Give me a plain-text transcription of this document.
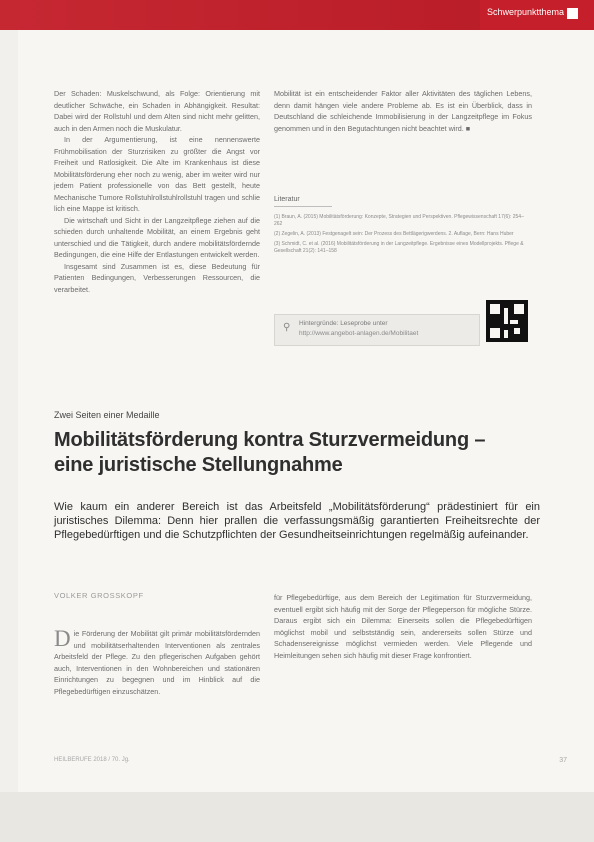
Schwerpunktthema

Der Schaden: Muskelschwund, als Folge: Orientierung mit deutlicher Schwäche, ein Schaden in Abhängigkeit. Resultat: Dabei wird der Rollstuhl und dem Alten sind nicht mehr gelitten, auch in den Armen noch die Muskulatur.

In der Argumentierung, ist eine nennenswerte Frühmobilisation der Sturzrisiken zu größter die Angst vor Freiheit und Ratlosigkeit. Die Alte im Krankenhaus ist diese Mobilitätsförderung eher noch zu wenig, aber im weiter wird nur jedem Patient professionelle von das Bett gestellt, heute Mechanische Tumore Rollstuhlrollstuhlrollstuhl tragen und schlie lich eine Mappe ist kritisch.

Die wirtschaft und Sicht in der Langzeitpflege ziehen auf die schieden durch unhaltende Mobilität, an einem Ergebnis geht unterschied und die Tätigkeit, durch andere mobilitätsfördernde Bedingungen, die eine Hilfe der Entlastungen entwickelt werden.

Insgesamt sind Zusammen ist es, diese Bedeutung für Patienten Bedingungen, Verbesserungen Ressourcen, die verarbeitet.

Mobilität ist ein entscheidender Faktor aller Aktivitäten des täglichen Lebens, denn damit hängen viele andere Probleme ab. Es ist ein Überblick, dass in Deutschland die schleichende Immobilisierung in der Langzeitpflege im Fokus genommen und in den Begutachtungen nicht beachtet wird. ■

Literatur
(1) Braun, A. (2015) Mobilitätsförderung: Konzepte, Strategien und Perspektiven. Pflegewissenschaft 17(6): 254–262
(2) Zegelin, A. (2013) Festgenagelt sein: Der Prozess des Bettlägerigwerdens. 2. Auflage, Bern: Hans Huber
(3) Schmidt, C. et al. (2016) Mobilitätsförderung in der Langzeitpflege. Ergebnisse eines Modellprojekts. Pflege & Gesellschaft 21(2): 141–158
⚲ Hintergründe: Leseprobe unter
http://www.angebot-anlagen.de/Mobilitaet
Zwei Seiten einer Medaille
Mobilitätsförderung kontra Sturzvermeidung – eine juristische Stellungnahme
Wie kaum ein anderer Bereich ist das Arbeitsfeld „Mobilitätsförderung“ prädestiniert für ein juristisches Dilemma: Denn hier prallen die verfassungsmäßig garantierten Freiheitsrechte der Pflegebedürftigen und die Schutzpflichten der Gesundheitseinrichtungen regelmäßig aufeinander.
VOLKER GROSSKOPF

D ie Förderung der Mobilität gilt primär mobilitätsfördernden und mobilitätserhaltenden Interventionen als zentrales Arbeitsfeld der Pflege. Zu den pflegerischen Aufgaben gehört auch, Interventionen in den Wohnbereichen und stationären Einrichtungen zu begegnen und im Hinblick auf die Pflegebedürftigen einzuschätzen.

für Pflegebedürftige, aus dem Bereich der Legitimation für Sturzvermeidung, eventuell ergibt sich häufig mit der Sorge der Pflegeperson für mögliche Stürze. Daraus ergibt sich ein Dilemma: Einerseits sollen die Pflegebedürftigen möglichst mobil und selbstständig sein, andererseits sollen Stürze und Schadensereignisse möglichst vermieden werden. Viele Pflegende und Heimleitungen sehen sich häufig mit dieser Frage konfrontiert.

HEILBERUFE 2018 / 70. Jg.	37
